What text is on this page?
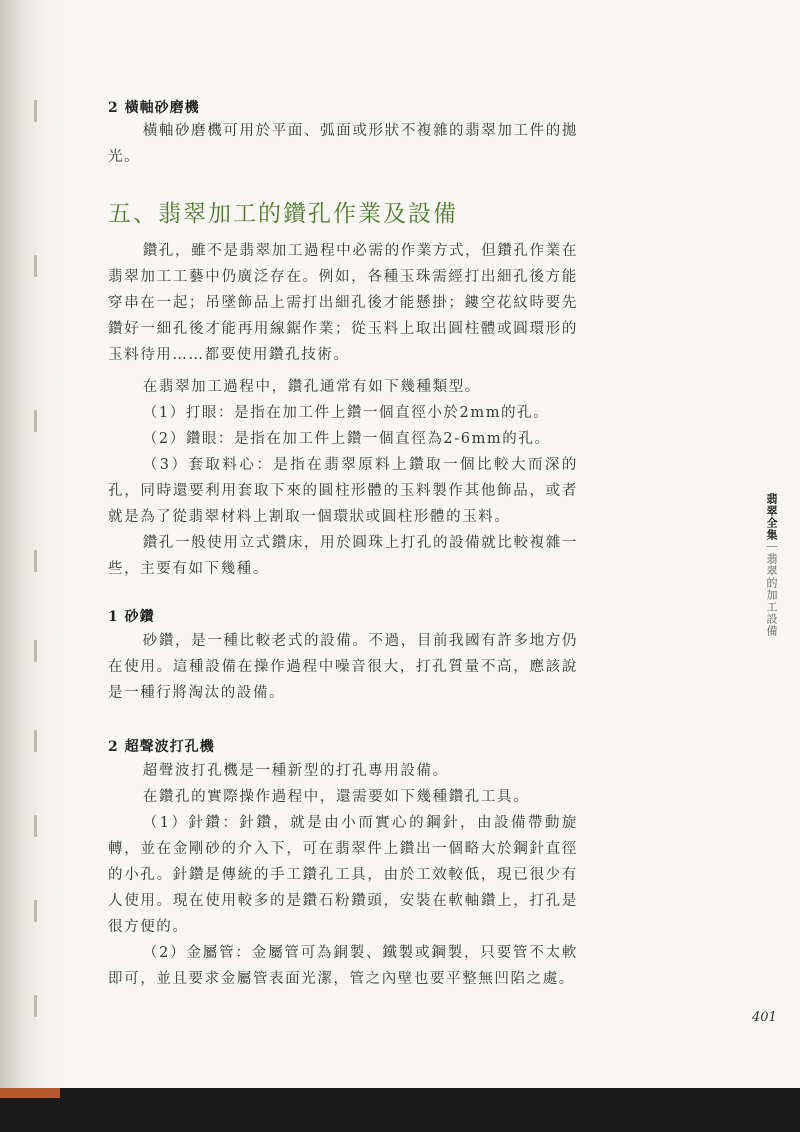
2 橫軸砂磨機

橫軸砂磨機可用於平面、弧面或形狀不複雜的翡翠加工件的拋光。

五、翡翠加工的鑽孔作業及設備

鑽孔，雖不是翡翠加工過程中必需的作業方式，但鑽孔作業在翡翠加工工藝中仍廣泛存在。例如，各種玉珠需經打出細孔後方能穿串在一起；吊墜飾品上需打出細孔後才能懸掛；鏤空花紋時要先鑽好一細孔後才能再用線鋸作業；從玉料上取出圓柱體或圓環形的玉料待用……都要使用鑽孔技術。

在翡翠加工過程中，鑽孔通常有如下幾種類型。

（1）打眼：是指在加工件上鑽一個直徑小於2mm的孔。

（2）鑽眼：是指在加工件上鑽一個直徑為2-6mm的孔。

（3）套取料心：是指在翡翠原料上鑽取一個比較大而深的孔，同時還要利用套取下來的圓柱形體的玉料製作其他飾品，或者就是為了從翡翠材料上割取一個環狀或圓柱形體的玉料。

鑽孔一般使用立式鑽床，用於圓珠上打孔的設備就比較複雜一些，主要有如下幾種。

1 砂鑽

砂鑽，是一種比較老式的設備。不過，目前我國有許多地方仍在使用。這種設備在操作過程中噪音很大，打孔質量不高，應該說是一種行將淘汰的設備。

2 超聲波打孔機

超聲波打孔機是一種新型的打孔專用設備。

在鑽孔的實際操作過程中，還需要如下幾種鑽孔工具。

（1）針鑽：針鑽，就是由小而實心的鋼針，由設備帶動旋轉，並在金剛砂的介入下，可在翡翠件上鑽出一個略大於鋼針直徑的小孔。針鑽是傳統的手工鑽孔工具，由於工效較低，現已很少有人使用。現在使用較多的是鑽石粉鑽頭，安裝在軟軸鑽上，打孔是很方便的。

（2）金屬管：金屬管可為銅製、鐵製或鋼製，只要管不太軟即可，並且要求金屬管表面光潔，管之內壁也要平整無凹陷之處。

翡翠全集｜翡翠的加工設備
401
